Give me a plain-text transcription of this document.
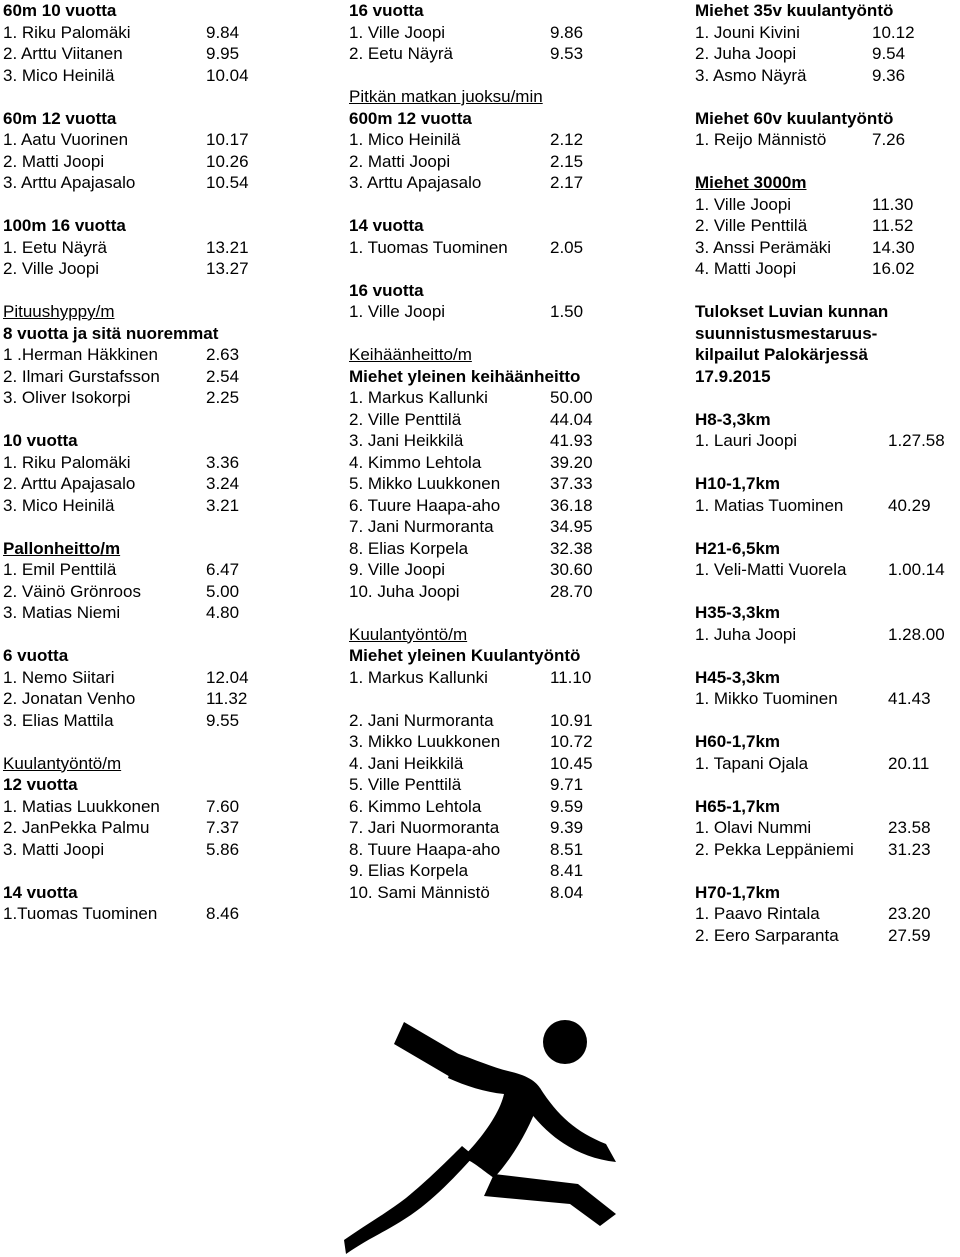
60m 10 vuotta
1. Riku Palomäki	9.84
2. Arttu Viitanen	9.95
3. Mico Heinilä	10.04
60m 12 vuotta
1. Aatu Vuorinen	10.17
2. Matti Joopi	10.26
3. Arttu Apajasalo	10.54
100m 16 vuotta
1. Eetu Näyrä	13.21
2. Ville Joopi	13.27
Pituushyppy/m
8 vuotta ja sitä nuoremmat
1 .Herman Häkkinen	2.63
2. Ilmari Gurstafsson	2.54
3. Oliver Isokorpi	2.25
10 vuotta
1. Riku Palomäki	3.36
2. Arttu Apajasalo	3.24
3. Mico Heinilä	3.21
Pallonheitto/m
1. Emil Penttilä	6.47
2. Väinö Grönroos	5.00
3. Matias Niemi	4.80
6 vuotta
1. Nemo Siitari	12.04
2. Jonatan Venho	11.32
3. Elias Mattila	9.55
Kuulantyöntö/m
12 vuotta
1. Matias Luukkonen	7.60
2. JanPekka Palmu	7.37
3. Matti Joopi	5.86
14 vuotta
1.Tuomas Tuominen	8.46
16 vuotta
1. Ville Joopi	9.86
2. Eetu Näyrä	9.53
Pitkän matkan juoksu/min
600m 12 vuotta
1. Mico Heinilä	2.12
2. Matti Joopi	2.15
3. Arttu Apajasalo	2.17
14 vuotta
1. Tuomas Tuominen 2.05
16 vuotta
1. Ville Joopi	1.50
Keihäänheitto/m
Miehet yleinen keihäänheitto
1. Markus Kallunki	50.00
2. Ville Penttilä	44.04
3. Jani Heikkilä	41.93
4. Kimmo Lehtola	39.20
5. Mikko Luukkonen	37.33
6. Tuure Haapa-aho	36.18
7. Jani Nurmoranta	34.95
8. Elias Korpela	32.38
9. Ville Joopi	30.60
10. Juha Joopi	28.70
Kuulantyöntö/m
Miehet yleinen Kuulantyöntö
1. Markus Kallunki	11.10
2. Jani Nurmoranta	10.91
3. Mikko Luukkonen	10.72
4. Jani Heikkilä	10.45
5. Ville Penttilä	9.71
6. Kimmo Lehtola	9.59
7. Jari Nuormoranta	9.39
8. Tuure Haapa-aho	8.51
9. Elias Korpela	8.41
10. Sami Männistö	8.04
Miehet 35v kuulantyöntö
1. Jouni Kivini	10.12
2. Juha Joopi	9.54
3. Asmo Näyrä	9.36
Miehet 60v kuulantyöntö
1. Reijo Männistö	7.26
Miehet 3000m
1. Ville Joopi	11.30
2. Ville Penttilä	11.52
3. Anssi Perämäki 14.30
4. Matti Joopi	16.02
Tulokset Luvian kunnan
suunnistusmestaruus-
kilpailut Palokärjessä
17.9.2015
H8-3,3km
1. Lauri Joopi	1.27.58
H10-1,7km
1. Matias Tuominen	40.29
H21-6,5km
1. Veli-Matti Vuorela 1.00.14
H35-3,3km
1. Juha Joopi	1.28.00
H45-3,3km
1. Mikko Tuominen	41.43
H60-1,7km
1. Tapani Ojala	20.11
H65-1,7km
1. Olavi Nummi	23.58
2. Pekka Leppäniemi 31.23
H70-1,7km
1. Paavo Rintala	23.20
2. Eero Sarparanta	27.59
